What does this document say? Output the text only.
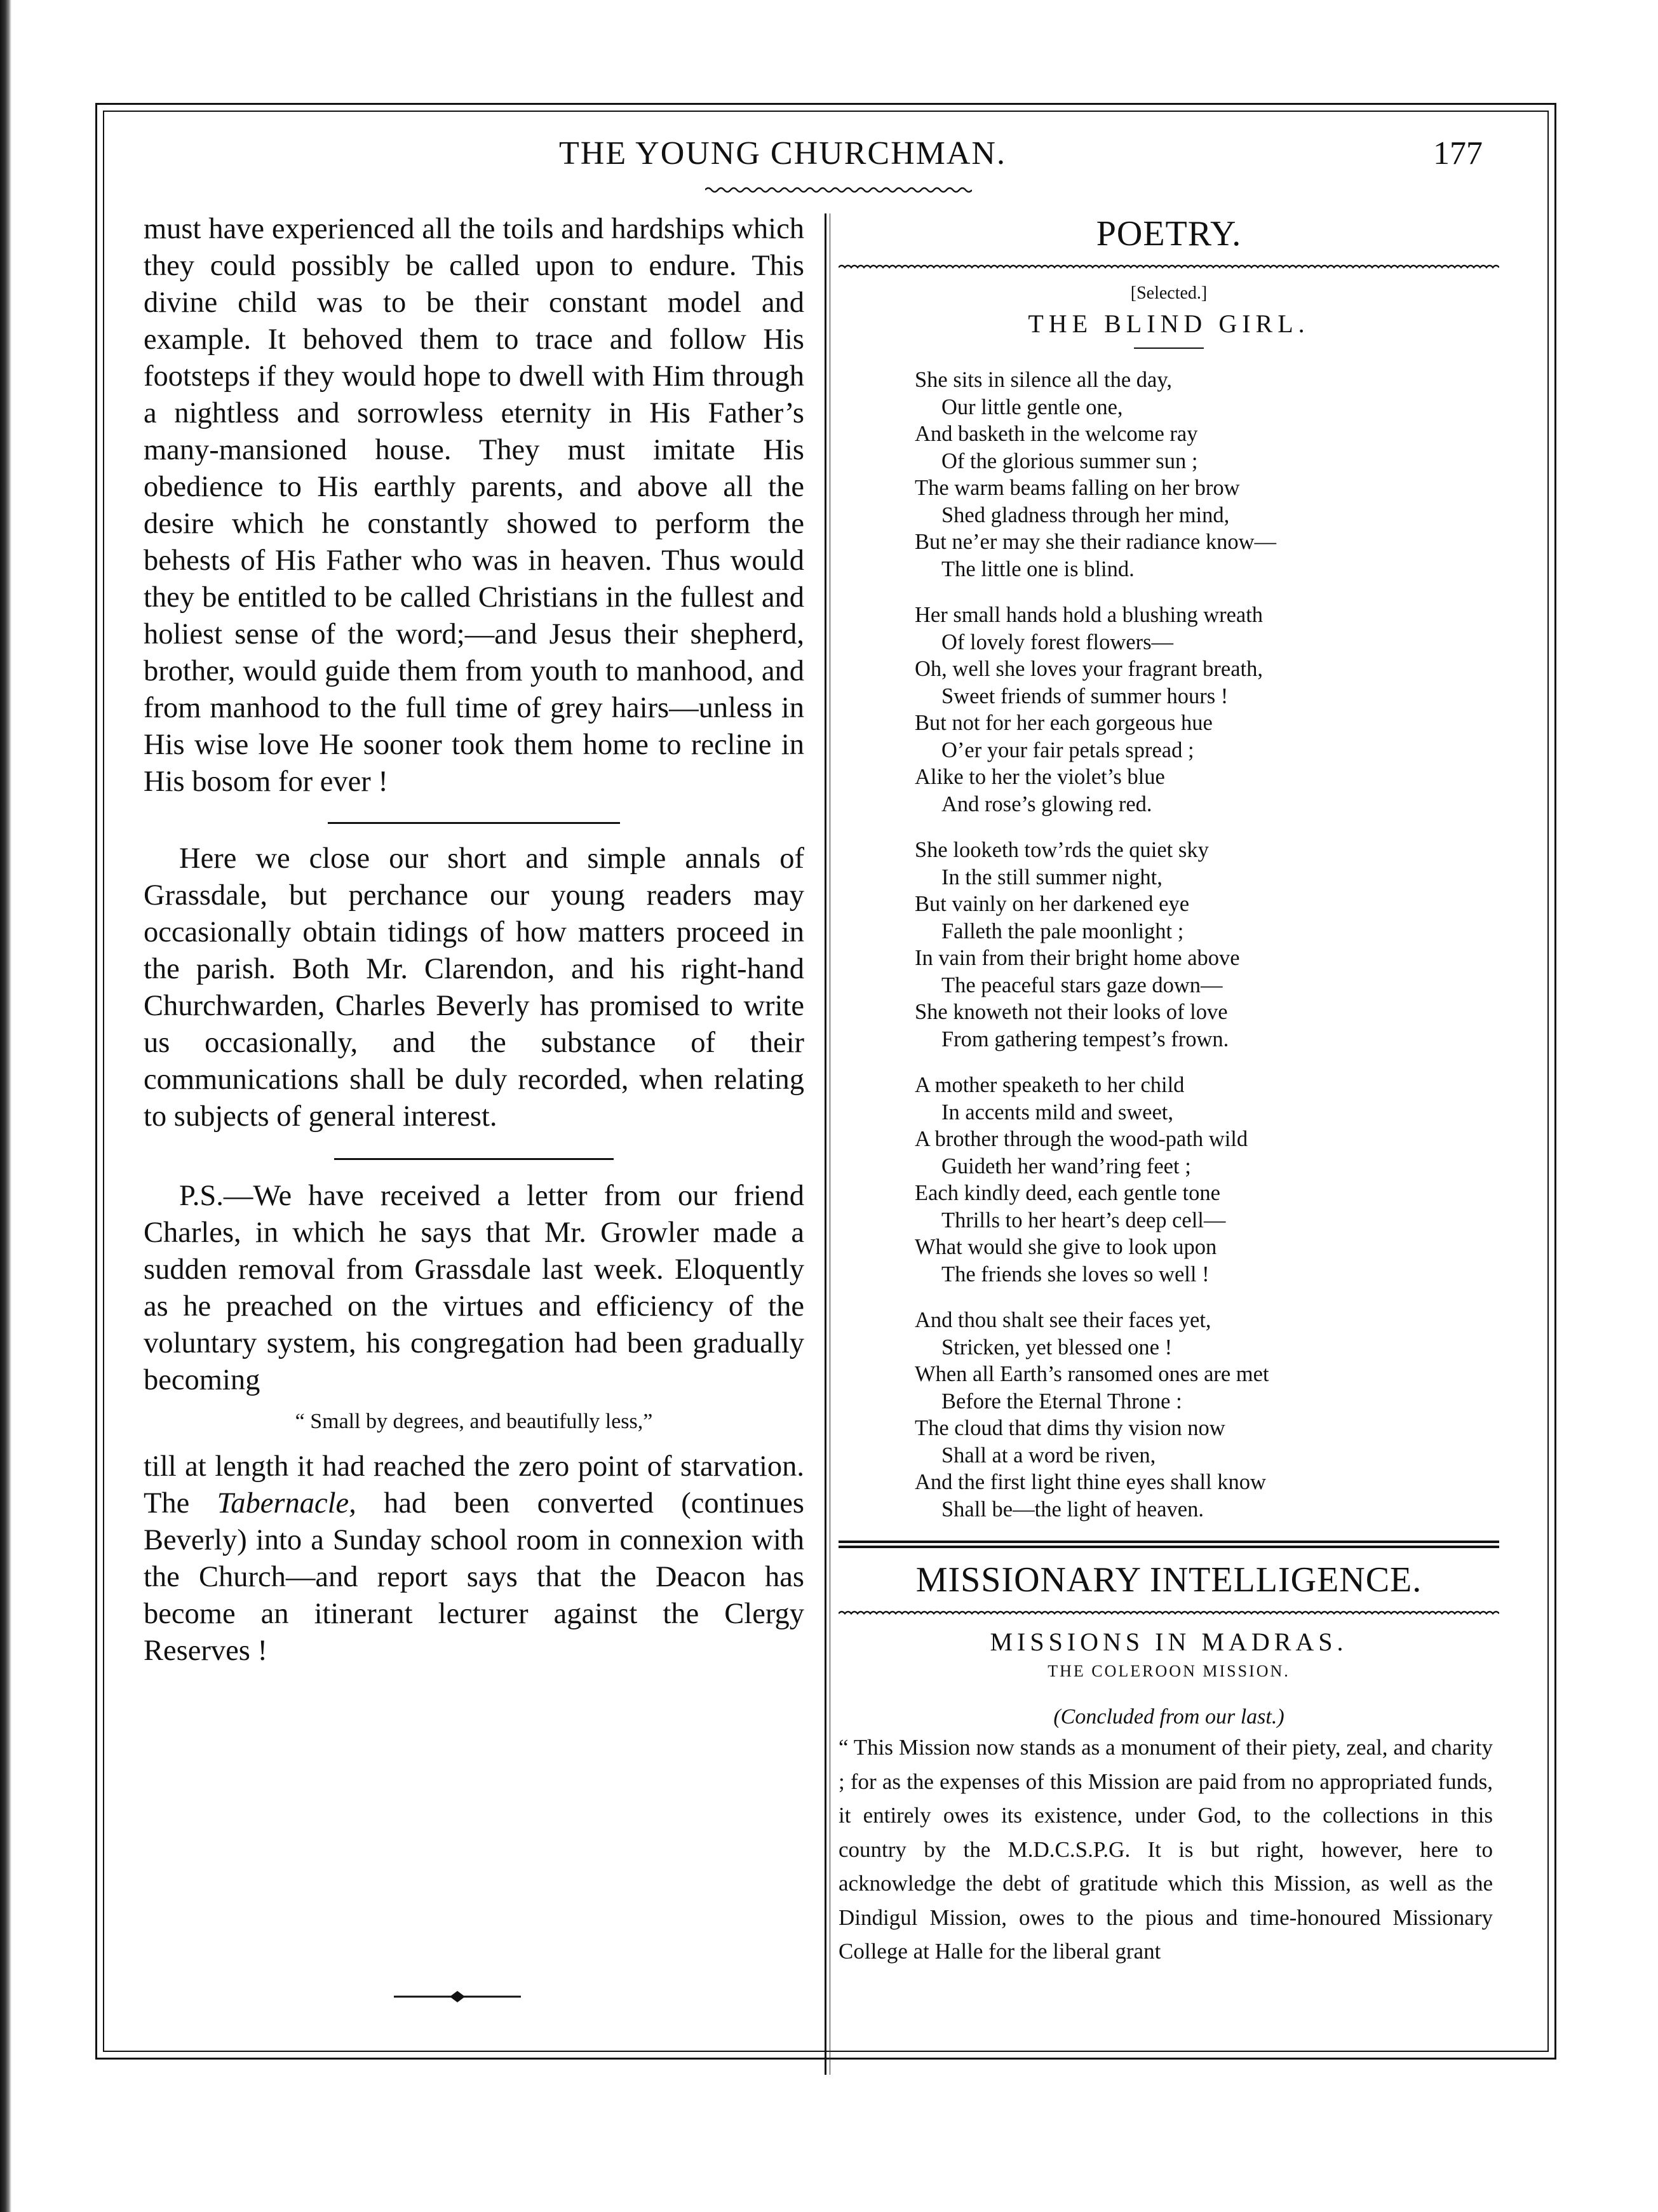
THE YOUNG CHURCHMAN.	177

must have experienced all the toils and hardships which they could possibly be called upon to endure. This divine child was to be their constant model and example. It behoved them to trace and follow His footsteps if they would hope to dwell with Him through a nightless and sorrowless eternity in His Father’s many-mansioned house. They must imitate His obedience to His earthly parents, and above all the desire which he constantly showed to perform the behests of His Father who was in heaven. Thus would they be entitled to be called Christians in the fullest and holiest sense of the word;—and Jesus their shepherd, brother, would guide them from youth to manhood, and from manhood to the full time of grey hairs—unless in His wise love He sooner took them home to recline in His bosom for ever !

Here we close our short and simple annals of Grassdale, but perchance our young readers may occasionally obtain tidings of how matters proceed in the parish. Both Mr. Clarendon, and his right-hand Churchwarden, Charles Beverly has promised to write us occasionally, and the substance of their communications shall be duly recorded, when relating to subjects of general interest.

P.S.—We have received a letter from our friend Charles, in which he says that Mr. Growler made a sudden removal from Grassdale last week. Eloquently as he preached on the virtues and efficiency of the voluntary system, his congregation had been gradually becoming

“ Small by degrees, and beautifully less,”

till at length it had reached the zero point of starvation. The Tabernacle, had been converted (continues Beverly) into a Sunday school room in connexion with the Church—and report says that the Deacon has become an itinerant lecturer against the Clergy Reserves !

POETRY.

[Selected.]

THE BLIND GIRL.

She sits in silence all the day,
Our little gentle one,
And basketh in the welcome ray
Of the glorious summer sun ;
The warm beams falling on her brow
Shed gladness through her mind,
But ne’er may she their radiance know—
The little one is blind.
Her small hands hold a blushing wreath
Of lovely forest flowers—
Oh, well she loves your fragrant breath,
Sweet friends of summer hours !
But not for her each gorgeous hue
O’er your fair petals spread ;
Alike to her the violet’s blue
And rose’s glowing red.
She looketh tow’rds the quiet sky
In the still summer night,
But vainly on her darkened eye
Falleth the pale moonlight ;
In vain from their bright home above
The peaceful stars gaze down—
She knoweth not their looks of love
From gathering tempest’s frown.
A mother speaketh to her child
In accents mild and sweet,
A brother through the wood-path wild
Guideth her wand’ring feet ;
Each kindly deed, each gentle tone
Thrills to her heart’s deep cell—
What would she give to look upon
The friends she loves so well !
And thou shalt see their faces yet,
Stricken, yet blessed one !
When all Earth’s ransomed ones are met
Before the Eternal Throne :
The cloud that dims thy vision now
Shall at a word be riven,
And the first light thine eyes shall know
Shall be—the light of heaven.

MISSIONARY INTELLIGENCE.

MISSIONS IN MADRAS.

THE COLEROON MISSION.

(Concluded from our last.)

“ This Mission now stands as a monument of their piety, zeal, and charity ; for as the expenses of this Mission are paid from no appropriated funds, it entirely owes its existence, under God, to the collections in this country by the M.D.C.S.P.G. It is but right, however, here to acknowledge the debt of gratitude which this Mission, as well as the Dindigul Mission, owes to the pious and time-honoured Missionary College at Halle for the liberal grant
